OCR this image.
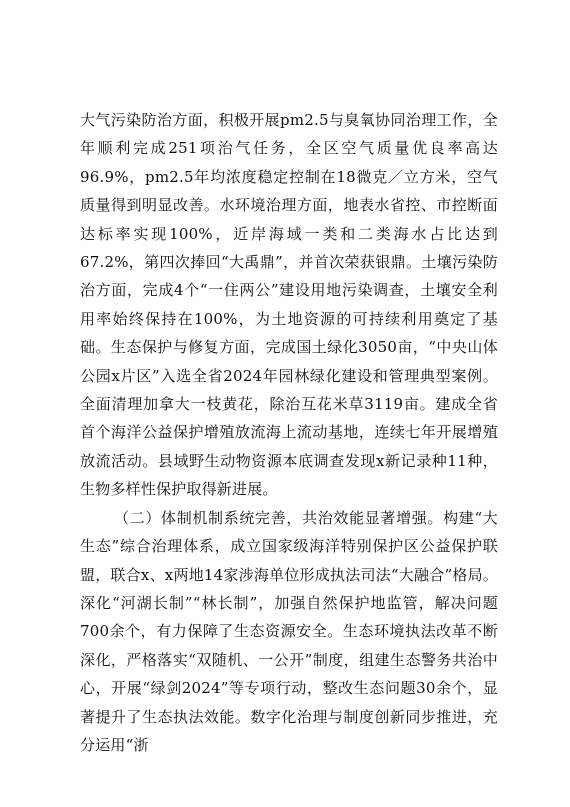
大气污染防治方面，积极开展pm2.5与臭氧协同治理工作，全年顺利完成251项治气任务，全区空气质量优良率高达96.9%，pm2.5年均浓度稳定控制在18微克／立方米，空气质量得到明显改善。水环境治理方面，地表水省控、市控断面达标率实现100%，近岸海域一类和二类海水占比达到67.2%，第四次捧回“大禹鼎”，并首次荣获银鼎。土壤污染防治方面，完成4个“一住两公”建设用地污染调查，土壤安全利用率始终保持在100%，为土地资源的可持续利用奠定了基础。生态保护与修复方面，完成国土绿化3050亩，“中央山体公园x片区”入选全省2024年园林绿化建设和管理典型案例。全面清理加拿大一枝黄花，除治互花米草3119亩。建成全省首个海洋公益保护增殖放流海上流动基地，连续七年开展增殖放流活动。县域野生动物资源本底调查发现x新记录种11种，生物多样性保护取得新进展。

（二）体制机制系统完善，共治效能显著增强。构建“大生态”综合治理体系，成立国家级海洋特别保护区公益保护联盟，联合x、x两地14家涉海单位形成执法司法“大融合”格局。深化“河湖长制”“林长制”，加强自然保护地监管，解决问题700余个，有力保障了生态资源安全。生态环境执法改革不断深化，严格落实“双随机、一公开”制度，组建生态警务共治中心，开展“绿剑2024”等专项行动，整改生态问题30余个，显著提升了生态执法效能。数字化治理与制度创新同步推进，充分运用“浙
